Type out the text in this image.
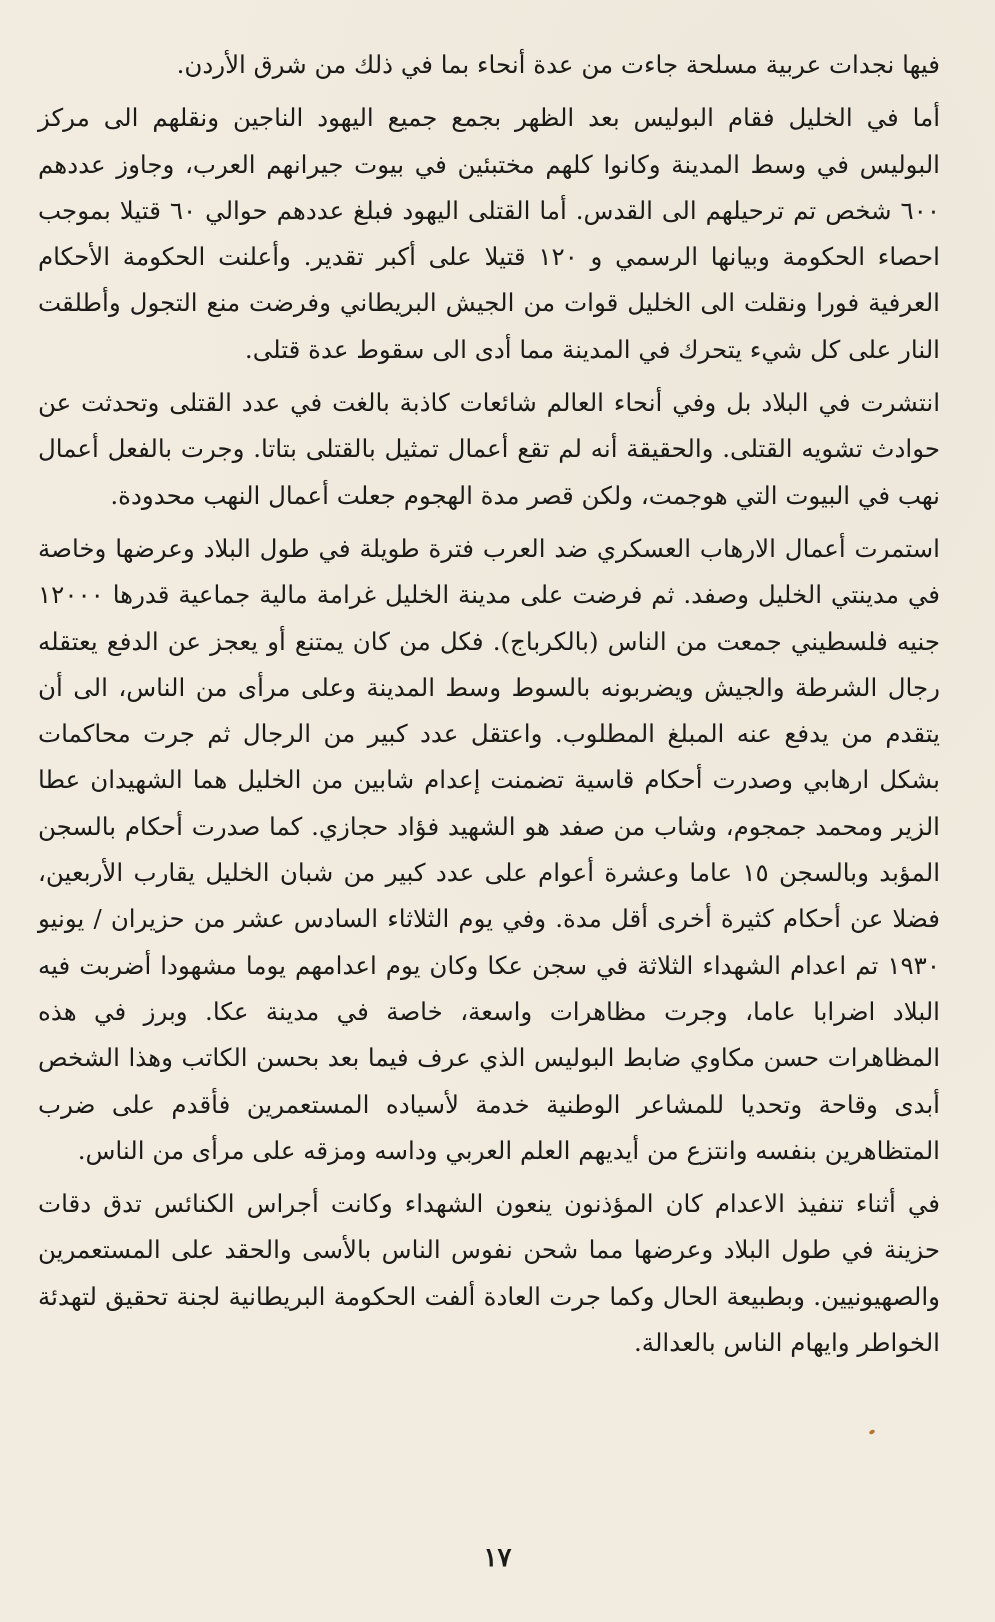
فيها نجدات عربية مسلحة جاءت من عدة أنحاء بما في ذلك من شرق الأردن.

أما في الخليل فقام البوليس بعد الظهر بجمع جميع اليهود الناجين ونقلهم الى مركز البوليس في وسط المدينة وكانوا كلهم مختبئين في بيوت جيرانهم العرب، وجاوز عددهم ٦٠٠ شخص تم ترحيلهم الى القدس. أما القتلى اليهود فبلغ عددهم حوالي ٦٠ قتيلا بموجب احصاء الحكومة وبيانها الرسمي و ١٢٠ قتيلا على أكبر تقدير. وأعلنت الحكومة الأحكام العرفية فورا ونقلت الى الخليل قوات من الجيش البريطاني وفرضت منع التجول وأطلقت النار على كل شيء يتحرك في المدينة مما أدى الى سقوط عدة قتلى.

انتشرت في البلاد بل وفي أنحاء العالم شائعات كاذبة بالغت في عدد القتلى وتحدثت عن حوادث تشويه القتلى. والحقيقة أنه لم تقع أعمال تمثيل بالقتلى بتاتا. وجرت بالفعل أعمال نهب في البيوت التي هوجمت، ولكن قصر مدة الهجوم جعلت أعمال النهب محدودة.

استمرت أعمال الارهاب العسكري ضد العرب فترة طويلة في طول البلاد وعرضها وخاصة في مدينتي الخليل وصفد. ثم فرضت على مدينة الخليل غرامة مالية جماعية قدرها ١٢٠٠٠ جنيه فلسطيني جمعت من الناس (بالكرباج). فكل من كان يمتنع أو يعجز عن الدفع يعتقله رجال الشرطة والجيش ويضربونه بالسوط وسط المدينة وعلى مرأى من الناس، الى أن يتقدم من يدفع عنه المبلغ المطلوب. واعتقل عدد كبير من الرجال ثم جرت محاكمات بشكل ارهابي وصدرت أحكام قاسية تضمنت إعدام شابين من الخليل هما الشهيدان عطا الزير ومحمد جمجوم، وشاب من صفد هو الشهيد فؤاد حجازي. كما صدرت أحكام بالسجن المؤبد وبالسجن ١٥ عاما وعشرة أعوام على عدد كبير من شبان الخليل يقارب الأربعين، فضلا عن أحكام كثيرة أخرى أقل مدة. وفي يوم الثلاثاء السادس عشر من حزيران / يونيو ١٩٣٠ تم اعدام الشهداء الثلاثة في سجن عكا وكان يوم اعدامهم يوما مشهودا أضربت فيه البلاد اضرابا عاما، وجرت مظاهرات واسعة، خاصة في مدينة عكا. وبرز في هذه المظاهرات حسن مكاوي ضابط البوليس الذي عرف فيما بعد بحسن الكاتب وهذا الشخص أبدى وقاحة وتحديا للمشاعر الوطنية خدمة لأسياده المستعمرين فأقدم على ضرب المتظاهرين بنفسه وانتزع من أيديهم العلم العربي وداسه ومزقه على مرأى من الناس.

في أثناء تنفيذ الاعدام كان المؤذنون ينعون الشهداء وكانت أجراس الكنائس تدق دقات حزينة في طول البلاد وعرضها مما شحن نفوس الناس بالأسى والحقد على المستعمرين والصهيونيين. وبطبيعة الحال وكما جرت العادة ألفت الحكومة البريطانية لجنة تحقيق لتهدئة الخواطر وايهام الناس بالعدالة.

١٧
